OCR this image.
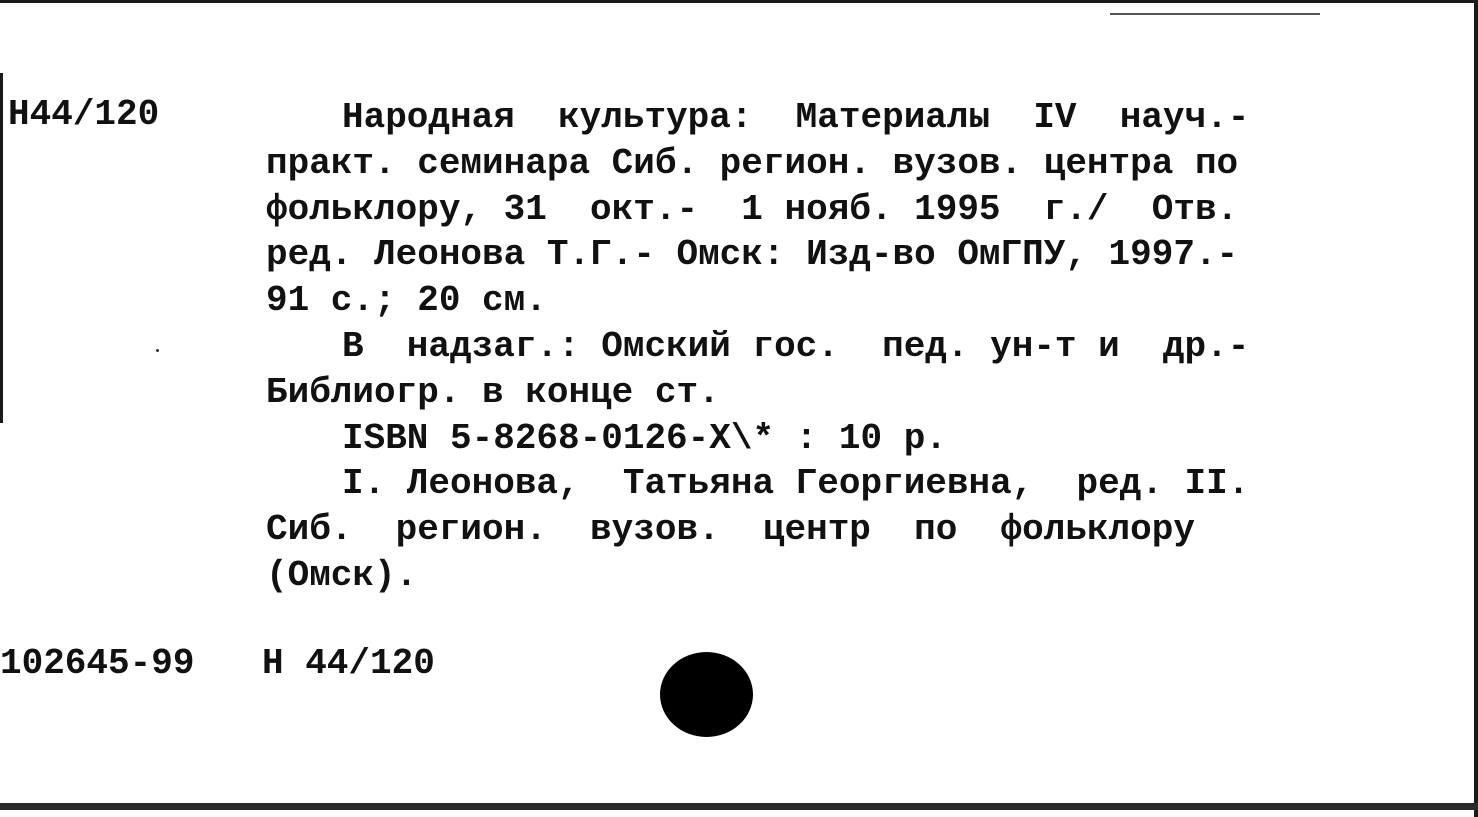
Н44/120	Народная  культура:  Материалы  IV  науч.-
практ. семинара Сиб. регион. вузов. центра по
фольклору, 31  окт.-  1 нояб. 1995  г./  Отв.
ред. Леонова Т.Г.- Омск: Изд-во ОмГПУ, 1997.-
91 с.; 20 см.
В  надзаг.: Омский гос.  пед. ун-т и  др.-
Библиогр. в конце ст.
ISBN 5-8268-0126-X\* : 10 р.
I. Леонова,  Татьяна Георгиевна,  ред. II.
Сиб.  регион.  вузов.  центр  по  фольклору
(Омск).
102645-99 Н 44/120
